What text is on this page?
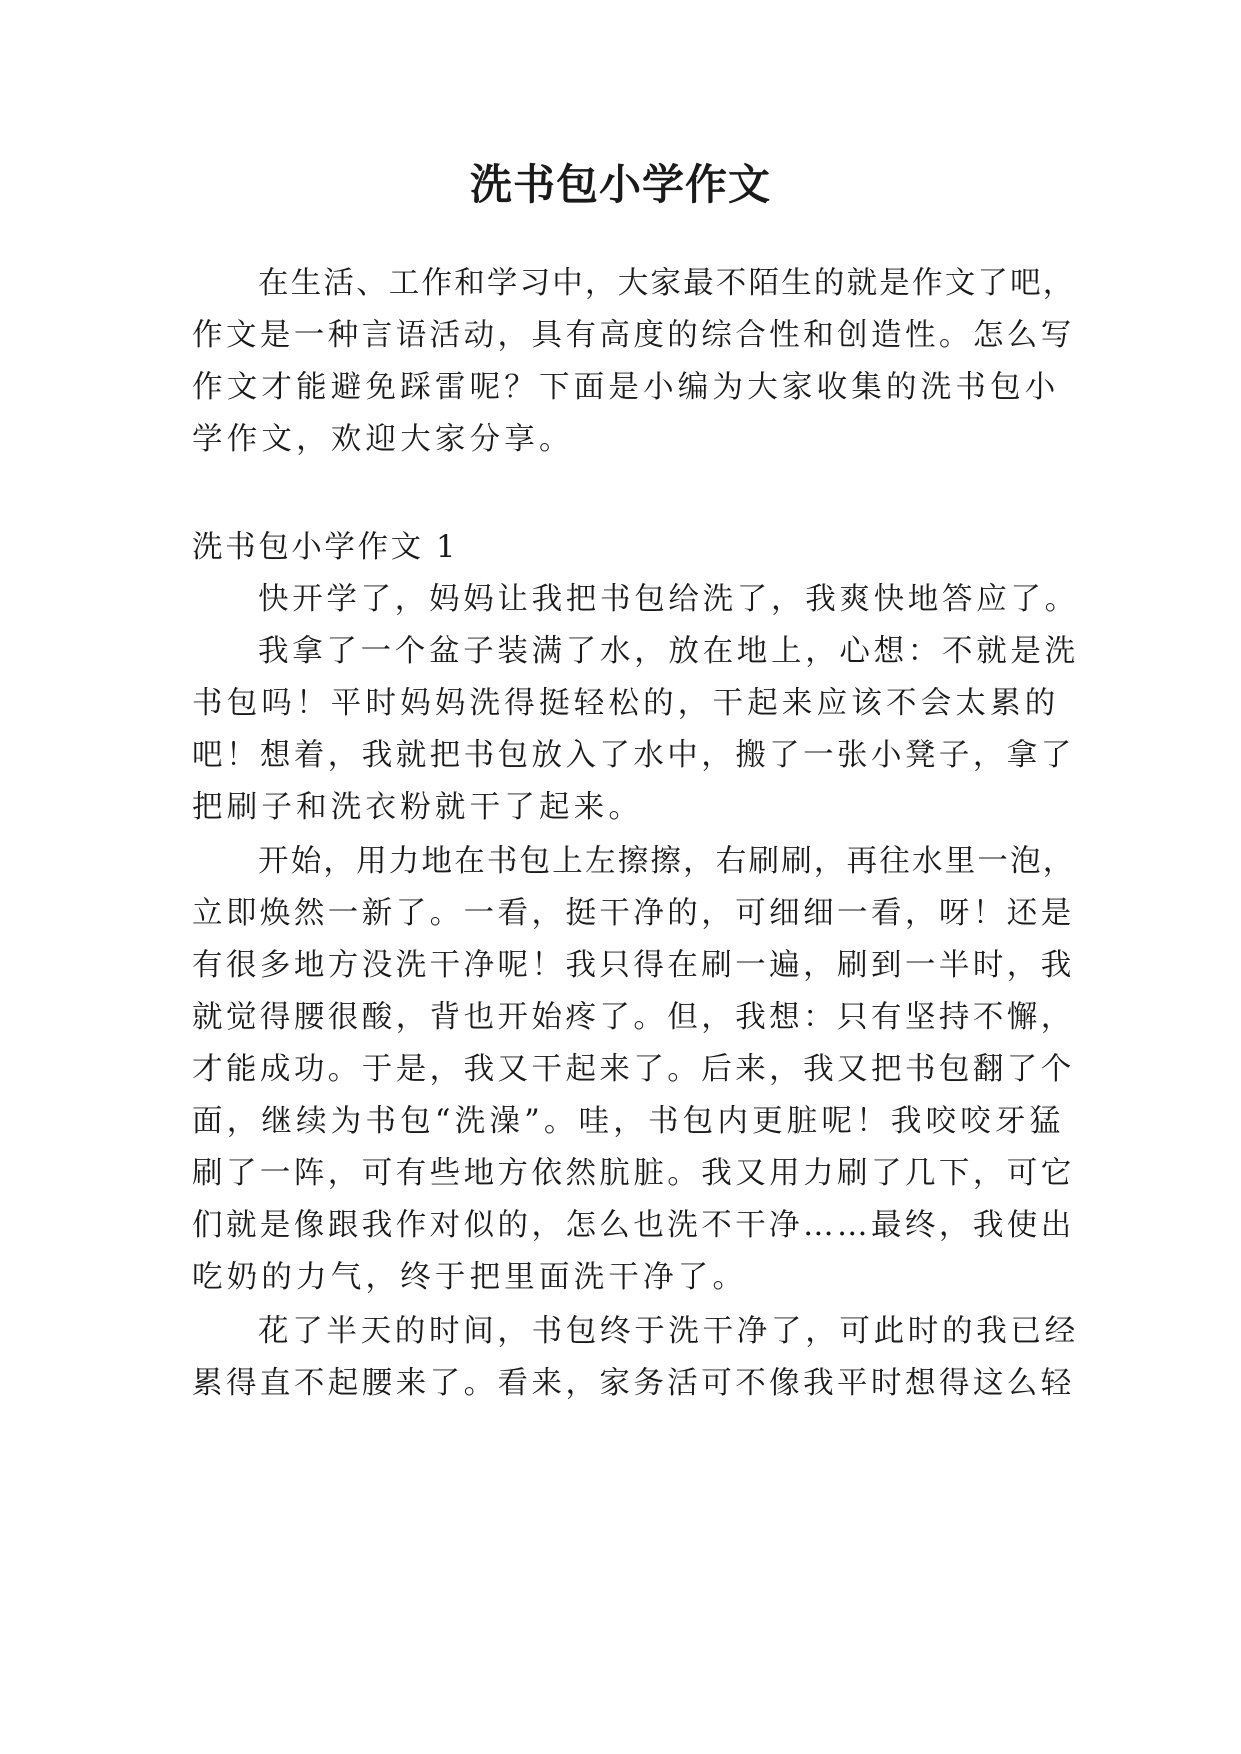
洗书包小学作文
在生活、工作和学习中，大家最不陌生的就是作文了吧，
作文是一种言语活动，具有高度的综合性和创造性。怎么写
作文才能避免踩雷呢？下面是小编为大家收集的洗书包小
学作文，欢迎大家分享。
洗书包小学作文 1
快开学了，妈妈让我把书包给洗了，我爽快地答应了。
我拿了一个盆子装满了水，放在地上，心想：不就是洗
书包吗！平时妈妈洗得挺轻松的，干起来应该不会太累的
吧！想着，我就把书包放入了水中，搬了一张小凳子，拿了
把刷子和洗衣粉就干了起来。
开始，用力地在书包上左擦擦，右刷刷，再往水里一泡，
立即焕然一新了。一看，挺干净的，可细细一看，呀！还是
有很多地方没洗干净呢！我只得在刷一遍，刷到一半时，我
就觉得腰很酸，背也开始疼了。但，我想：只有坚持不懈，
才能成功。于是，我又干起来了。后来，我又把书包翻了个
面，继续为书包“洗澡”。哇，书包内更脏呢！我咬咬牙猛
刷了一阵，可有些地方依然肮脏。我又用力刷了几下，可它
们就是像跟我作对似的，怎么也洗不干净……最终，我使出
吃奶的力气，终于把里面洗干净了。
花了半天的时间，书包终于洗干净了，可此时的我已经
累得直不起腰来了。看来，家务活可不像我平时想得这么轻
